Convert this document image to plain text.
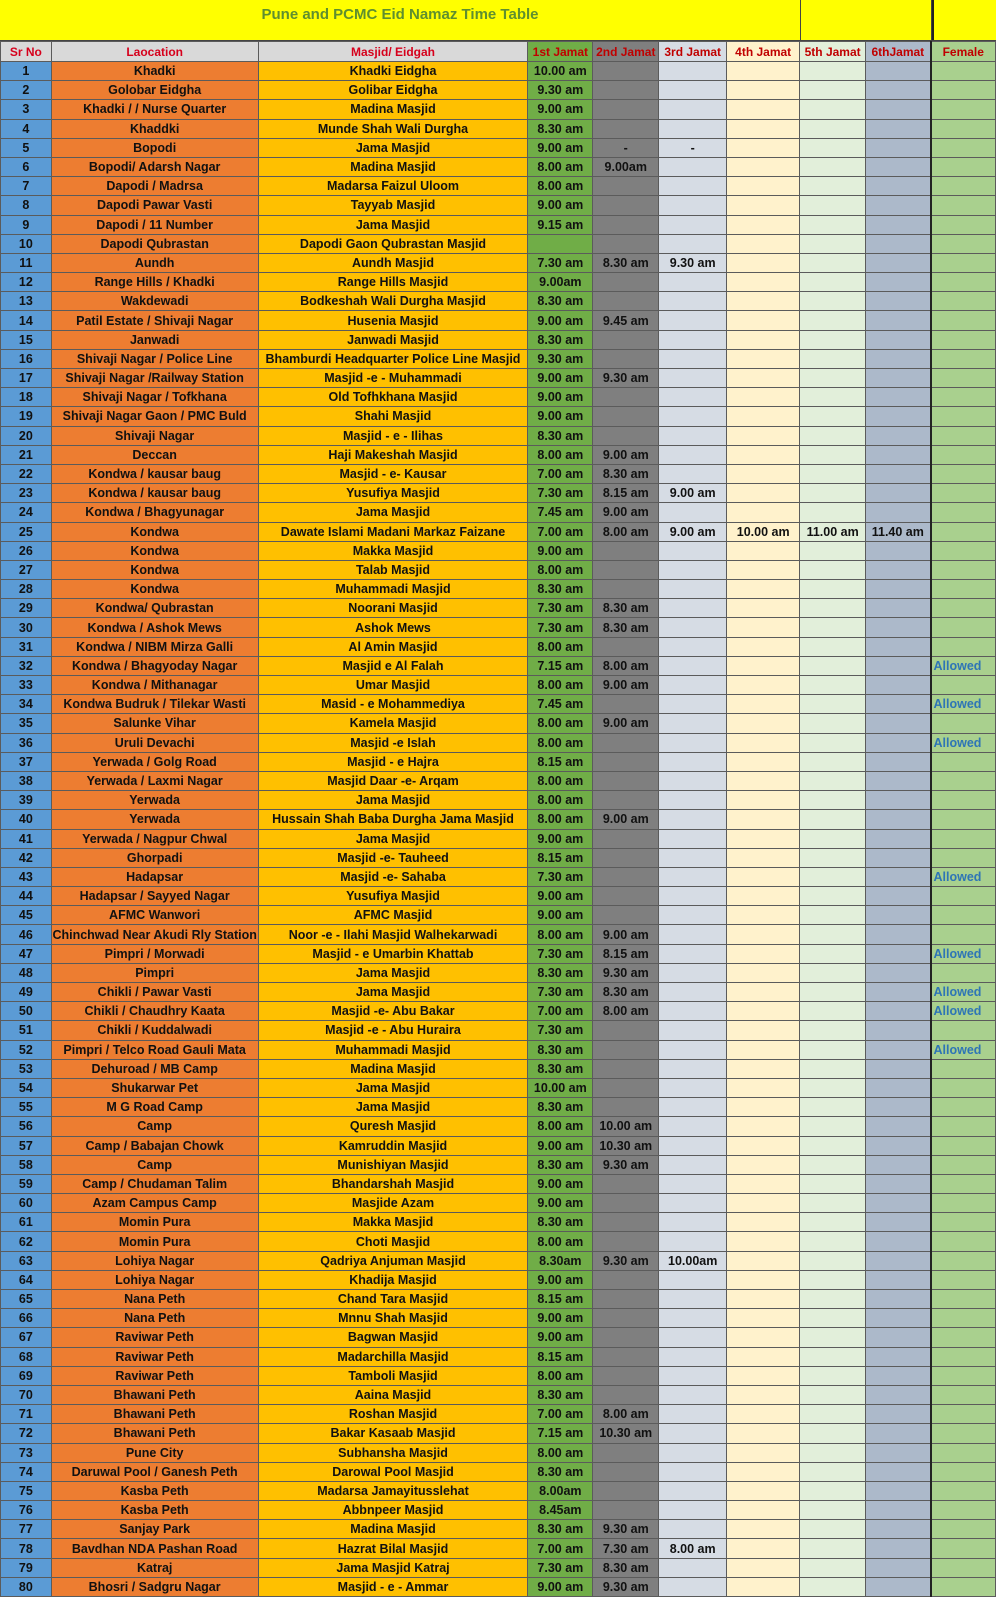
Pune and PCMC Eid Namaz Time Table
Sr No	Laocation	Masjid/ Eidgah	1st Jamat	2nd Jamat	3rd Jamat	4th Jamat	5th Jamat	6thJamat	Female
1	Khadki	Khadki Eidgha	10.00 am						
2	Golobar Eidgha	Golibar Eidgha	9.30 am						
3	Khadki / / Nurse Quarter	Madina Masjid	9.00 am						
4	Khaddki	Munde Shah Wali Durgha	8.30 am						
5	Bopodi	Jama Masjid	9.00 am	-	-				
6	Bopodi/ Adarsh Nagar	Madina Masjid	8.00 am	9.00am					
7	Dapodi / Madrsa	Madarsa Faizul Uloom	8.00 am						
8	Dapodi Pawar Vasti	Tayyab Masjid	9.00 am						
9	Dapodi / 11 Number	Jama Masjid	9.15 am						
10	Dapodi Qubrastan	Dapodi Gaon Qubrastan Masjid							
11	Aundh	Aundh Masjid	7.30 am	8.30 am	9.30 am				
12	Range Hills / Khadki	Range Hills Masjid	9.00am						
13	Wakdewadi	Bodkeshah Wali Durgha Masjid	8.30 am						
14	Patil Estate / Shivaji Nagar	Husenia Masjid	9.00 am	9.45 am					
15	Janwadi	Janwadi Masjid	8.30 am						
16	Shivaji Nagar / Police Line	Bhamburdi Headquarter Police Line Masjid	9.30 am						
17	Shivaji Nagar /Railway Station	Masjid -e - Muhammadi	9.00 am	9.30 am					
18	Shivaji Nagar / Tofkhana	Old Tofhkhana Masjid	9.00 am						
19	Shivaji Nagar Gaon / PMC Buld	Shahi Masjid	9.00 am						
20	Shivaji Nagar	Masjid - e - Ilihas	8.30 am						
21	Deccan	Haji Makeshah Masjid	8.00 am	9.00 am					
22	Kondwa / kausar baug	Masjid - e- Kausar	7.00 am	8.30 am					
23	Kondwa / kausar baug	Yusufiya Masjid	7.30 am	8.15 am	9.00 am				
24	Kondwa / Bhagyunagar	Jama Masjid	7.45 am	9.00 am					
25	Kondwa	Dawate Islami Madani Markaz Faizane	7.00 am	8.00 am	9.00 am	10.00 am	11.00 am	11.40 am	
26	Kondwa	Makka Masjid	9.00 am						
27	Kondwa	Talab Masjid	8.00 am						
28	Kondwa	Muhammadi Masjid	8.30 am						
29	Kondwa/ Qubrastan	Noorani Masjid	7.30 am	8.30 am					
30	Kondwa / Ashok Mews	Ashok Mews	7.30 am	8.30 am					
31	Kondwa / NIBM Mirza Galli	Al Amin Masjid	8.00 am						
32	Kondwa / Bhagyoday Nagar	Masjid e Al Falah	7.15 am	8.00 am					Allowed
33	Kondwa / Mithanagar	Umar Masjid	8.00 am	9.00 am					
34	Kondwa Budruk / Tilekar Wasti	Masid - e Mohammediya	7.45 am						Allowed
35	Salunke Vihar	Kamela Masjid	8.00 am	9.00 am					
36	Uruli Devachi	Masjid -e Islah	8.00 am						Allowed
37	Yerwada / Golg Road	Masjid - e Hajra	8.15 am						
38	Yerwada / Laxmi Nagar	Masjid Daar -e- Arqam	8.00 am						
39	Yerwada	Jama Masjid	8.00 am						
40	Yerwada	Hussain Shah Baba Durgha Jama Masjid	8.00 am	9.00 am					
41	Yerwada / Nagpur Chwal	Jama Masjid	9.00 am						
42	Ghorpadi	Masjid -e- Tauheed	8.15 am						
43	Hadapsar	Masjid -e- Sahaba	7.30 am						Allowed
44	Hadapsar / Sayyed Nagar	Yusufiya Masjid	9.00 am						
45	AFMC Wanwori	AFMC Masjid	9.00 am						
46	Chinchwad Near Akudi Rly Station	Noor -e - Ilahi Masjid Walhekarwadi	8.00 am	9.00 am					
47	Pimpri / Morwadi	Masjid - e Umarbin Khattab	7.30 am	8.15 am					Allowed
48	Pimpri	Jama Masjid	8.30 am	9.30 am					
49	Chikli / Pawar Vasti	Jama Masjid	7.30 am	8.30 am					Allowed
50	Chikli / Chaudhry Kaata	Masjid -e- Abu Bakar	7.00 am	8.00 am					Allowed
51	Chikli / Kuddalwadi	Masjid -e - Abu Huraira	7.30 am						
52	Pimpri / Telco Road Gauli Mata	Muhammadi Masjid	8.30 am						Allowed
53	Dehuroad / MB Camp	Madina Masjid	8.30 am						
54	Shukarwar Pet	Jama Masjid	10.00 am						
55	M G Road Camp	Jama Masjid	8.30 am						
56	Camp	Quresh Masjid	8.00 am	10.00 am					
57	Camp / Babajan Chowk	Kamruddin Masjid	9.00 am	10.30 am					
58	Camp	Munishiyan Masjid	8.30 am	9.30 am					
59	Camp / Chudaman Talim	Bhandarshah Masjid	9.00 am						
60	Azam Campus Camp	Masjide Azam	9.00 am						
61	Momin Pura	Makka Masjid	8.30 am						
62	Momin Pura	Choti Masjid	8.00 am						
63	Lohiya Nagar	Qadriya Anjuman Masjid	8.30am	9.30 am	10.00am				
64	Lohiya Nagar	Khadija Masjid	9.00 am						
65	Nana Peth	Chand Tara Masjid	8.15 am						
66	Nana Peth	Mnnu Shah Masjid	9.00 am						
67	Raviwar Peth	Bagwan Masjid	9.00 am						
68	Raviwar Peth	Madarchilla Masjid	8.15 am						
69	Raviwar Peth	Tamboli Masjid	8.00 am						
70	Bhawani Peth	Aaina Masjid	8.30 am						
71	Bhawani Peth	Roshan Masjid	7.00 am	8.00 am					
72	Bhawani Peth	Bakar Kasaab Masjid	7.15 am	10.30 am					
73	Pune City	Subhansha Masjid	8.00 am						
74	Daruwal Pool / Ganesh Peth	Darowal Pool Masjid	8.30 am						
75	Kasba Peth	Madarsa Jamayitusslehat	8.00am						
76	Kasba Peth	Abbnpeer Masjid	8.45am						
77	Sanjay Park	Madina Masjid	8.30 am	9.30 am					
78	Bavdhan NDA Pashan Road	Hazrat Bilal Masjid	7.00 am	7.30 am	8.00 am				
79	Katraj	Jama Masjid Katraj	7.30 am	8.30 am					
80	Bhosri / Sadgru Nagar	Masjid - e - Ammar	9.00 am	9.30 am					
